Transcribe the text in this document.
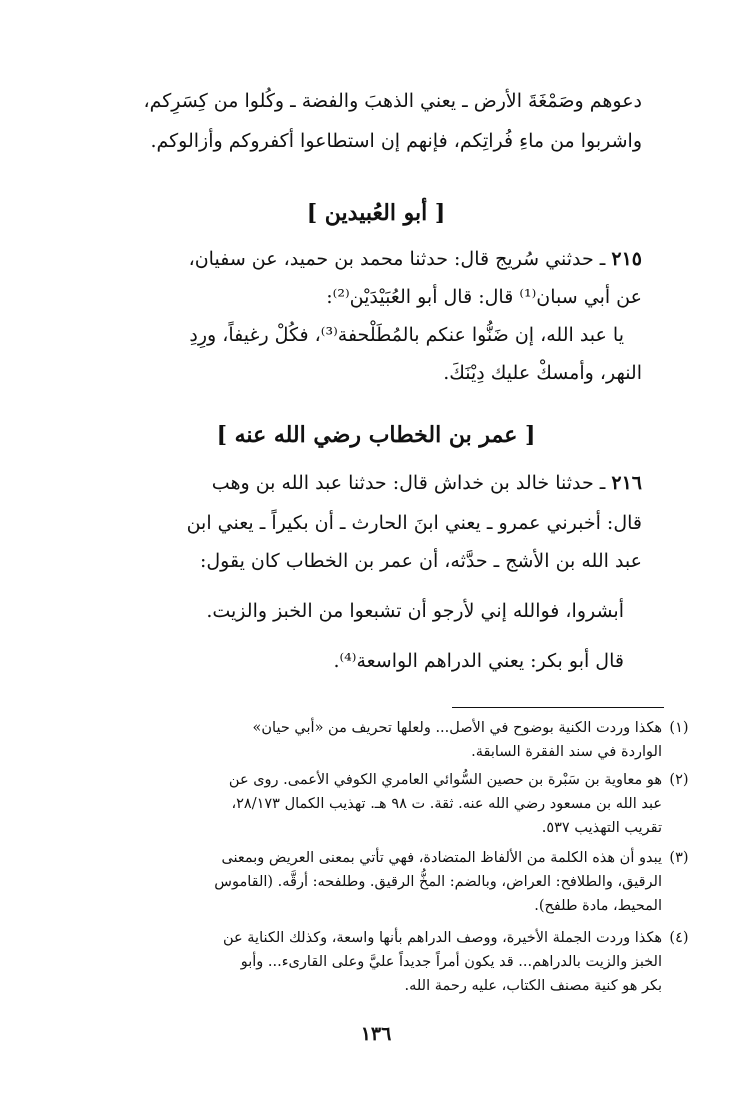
دعوهم وصَمْغَةَ الأرض ـ يعني الذهبَ والفضة ـ وكُلوا من كِسَرِكم،
واشربوا من ماءِ فُراتِكم، فإنهم إن استطاعوا أكفروكم وأزالوكم.
[ أبو العُبيدين ]
٢١٥ ـ حدثني سُريج قال: حدثنا محمد بن حميد، عن سفيان،
عن أبي سبان⁽¹⁾ قال: قال أبو العُبَيْدَيْن⁽²⁾:
يا عبد الله، إن ضَنُّوا عنكم بالمُطَلْحفة⁽³⁾، فكُلْ رغيفاً، ورِدِ
النهر، وأمسكْ عليك دِيْنَكَ.
[ عمر بن الخطاب رضي الله عنه ]
٢١٦ ـ حدثنا خالد بن خداش قال: حدثنا عبد الله بن وهب
قال: أخبرني عمرو ـ يعني ابنَ الحارث ـ أن بكيراً ـ يعني ابن
عبد الله بن الأشج ـ حدَّثه، أن عمر بن الخطاب كان يقول:
أبشروا، فوالله إني لأرجو أن تشبعوا من الخبز والزيت.
قال أبو بكر: يعني الدراهم الواسعة⁽⁴⁾.
(١)
هكذا وردت الكنية بوضوح في الأصل... ولعلها تحريف من «أبي حيان»
الواردة في سند الفقرة السابقة.
(٢)
هو معاوية بن سَبْرة بن حصين السُّوائي العامري الكوفي الأعمى. روى عن
عبد الله بن مسعود رضي الله عنه. ثقة. ت ٩٨ هـ. تهذيب الكمال ٢٨/١٧٣،
تقريب التهذيب ٥٣٧.
(٣)
يبدو أن هذه الكلمة من الألفاظ المتضادة، فهي تأتي بمعنى العريض وبمعنى
الرقيق، والطلافح: العراض، وبالضم: المخُّ الرقيق. وطلفحه: أرقَّه. (القاموس
المحيط، مادة طلفح).
(٤)
هكذا وردت الجملة الأخيرة، ووصف الدراهم بأنها واسعة، وكذلك الكناية عن
الخبز والزيت بالدراهم... قد يكون أمراً جديداً عليَّ وعلى القارىء... وأبو
بكر هو كنية مصنف الكتاب، عليه رحمة الله.
١٣٦
